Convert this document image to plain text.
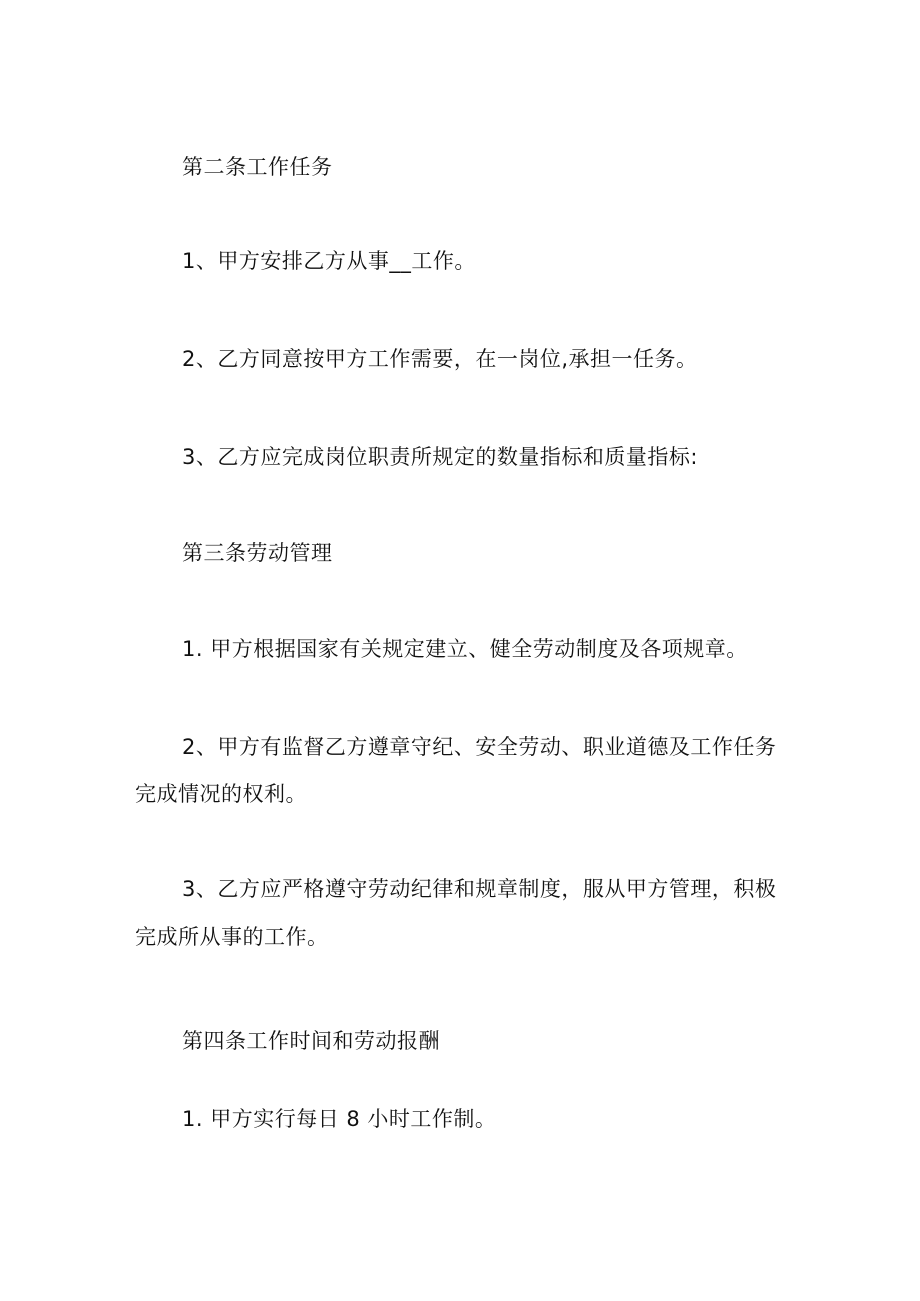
第二条工作任务

1、甲方安排乙方从事__工作。

2、乙方同意按甲方工作需要，在一岗位,承担一任务。

3、乙方应完成岗位职责所规定的数量指标和质量指标:

第三条劳动管理

1. 甲方根据国家有关规定建立、健全劳动制度及各项规章。

2、甲方有监督乙方遵章守纪、安全劳动、职业道德及工作任务

完成情况的权利。

3、乙方应严格遵守劳动纪律和规章制度，服从甲方管理，积极

完成所从事的工作。

第四条工作时间和劳动报酬

1. 甲方实行每日 8 小时工作制。
